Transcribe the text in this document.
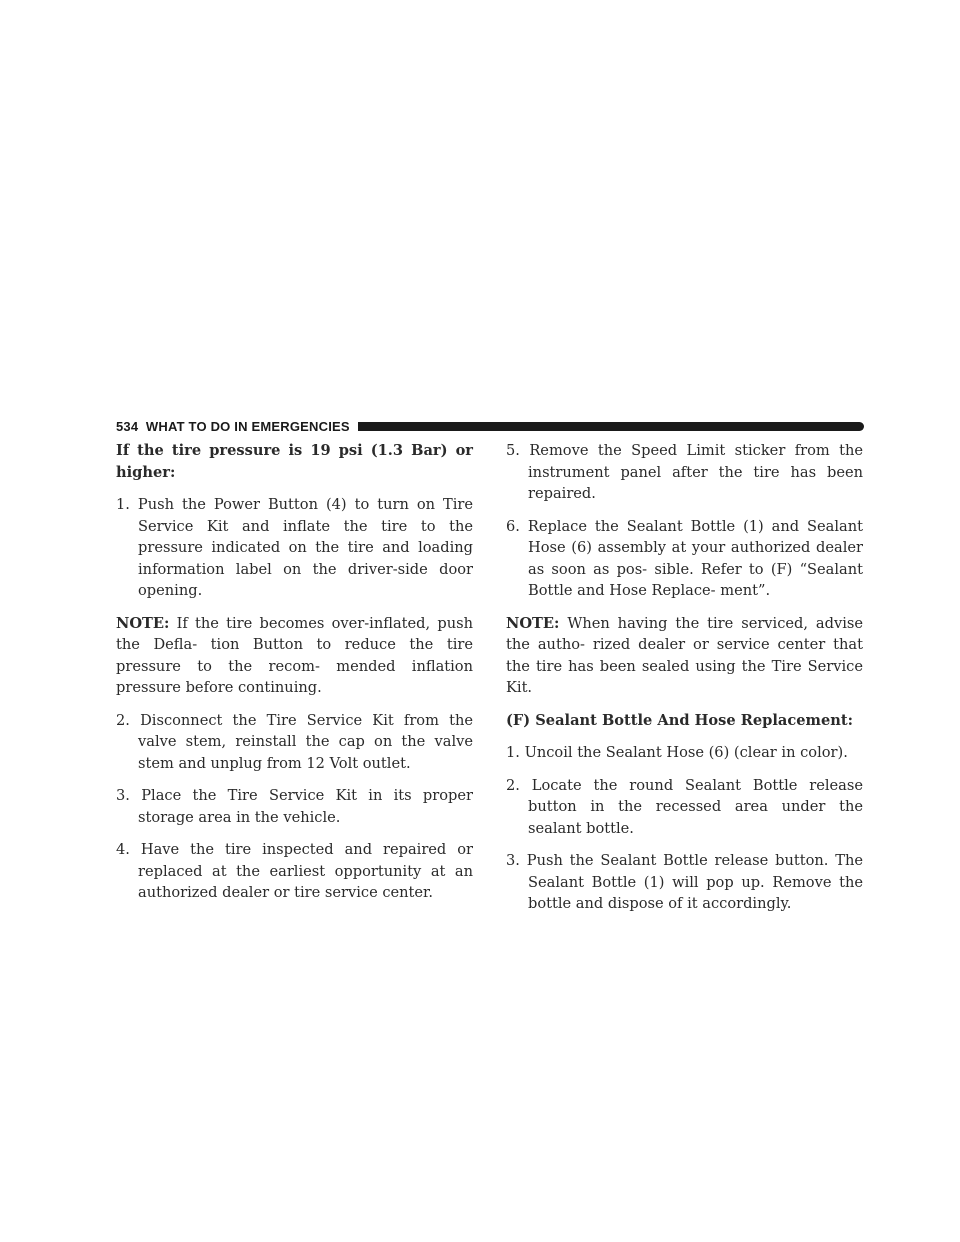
534 WHAT TO DO IN EMERGENCIES

If the tire pressure is 19 psi (1.3 Bar) or higher:

1. Push the Power Button (4) to turn on Tire Service Kit and inflate the tire to the pressure indicated on the tire and loading information label on the driver-side door opening.

NOTE: If the tire becomes over-inflated, push the Defla- tion Button to reduce the tire pressure to the recom- mended inflation pressure before continuing.

2. Disconnect the Tire Service Kit from the valve stem, reinstall the cap on the valve stem and unplug from 12 Volt outlet.

3. Place the Tire Service Kit in its proper storage area in the vehicle.

4. Have the tire inspected and repaired or replaced at the earliest opportunity at an authorized dealer or tire service center.

5. Remove the Speed Limit sticker from the instrument panel after the tire has been repaired.

6. Replace the Sealant Bottle (1) and Sealant Hose (6) assembly at your authorized dealer as soon as pos- sible. Refer to (F) “Sealant Bottle and Hose Replace- ment”.

NOTE: When having the tire serviced, advise the autho- rized dealer or service center that the tire has been sealed using the Tire Service Kit.

(F) Sealant Bottle And Hose Replacement:

1. Uncoil the Sealant Hose (6) (clear in color).

2. Locate the round Sealant Bottle release button in the recessed area under the sealant bottle.

3. Push the Sealant Bottle release button. The Sealant Bottle (1) will pop up. Remove the bottle and dispose of it accordingly.
